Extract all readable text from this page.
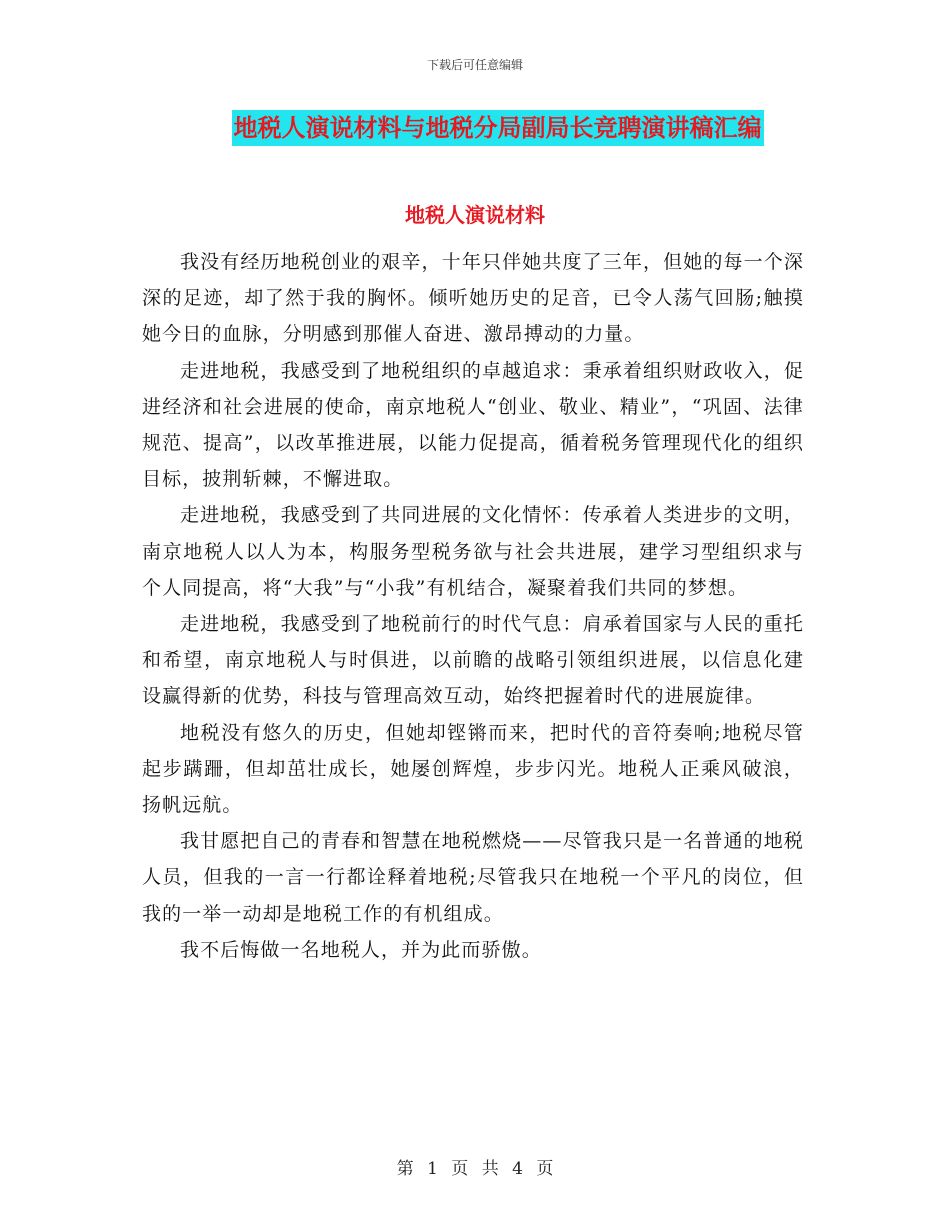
下载后可任意编辑
地税人演说材料与地税分局副局长竞聘演讲稿汇编
地税人演说材料

我没有经历地税创业的艰辛，十年只伴她共度了三年，但她的每一个深深的足迹，却了然于我的胸怀。倾听她历史的足音，已令人荡气回肠;触摸她今日的血脉，分明感到那催人奋进、激昂搏动的力量。

走进地税，我感受到了地税组织的卓越追求：秉承着组织财政收入，促进经济和社会进展的使命，南京地税人“创业、敬业、精业”，“巩固、法律规范、提高”，以改革推进展，以能力促提高，循着税务管理现代化的组织目标，披荆斩棘，不懈进取。

走进地税，我感受到了共同进展的文化情怀：传承着人类进步的文明，南京地税人以人为本，构服务型税务欲与社会共进展，建学习型组织求与个人同提高，将“大我”与“小我”有机结合，凝聚着我们共同的梦想。

走进地税，我感受到了地税前行的时代气息：肩承着国家与人民的重托和希望，南京地税人与时俱进，以前瞻的战略引领组织进展，以信息化建设赢得新的优势，科技与管理高效互动，始终把握着时代的进展旋律。

地税没有悠久的历史，但她却铿锵而来，把时代的音符奏响;地税尽管起步蹒跚，但却茁壮成长，她屡创辉煌，步步闪光。地税人正乘风破浪，扬帆远航。

我甘愿把自己的青春和智慧在地税燃烧——尽管我只是一名普通的地税人员，但我的一言一行都诠释着地税;尽管我只在地税一个平凡的岗位，但我的一举一动却是地税工作的有机组成。

我不后悔做一名地税人，并为此而骄傲。

第 1 页 共 4 页
